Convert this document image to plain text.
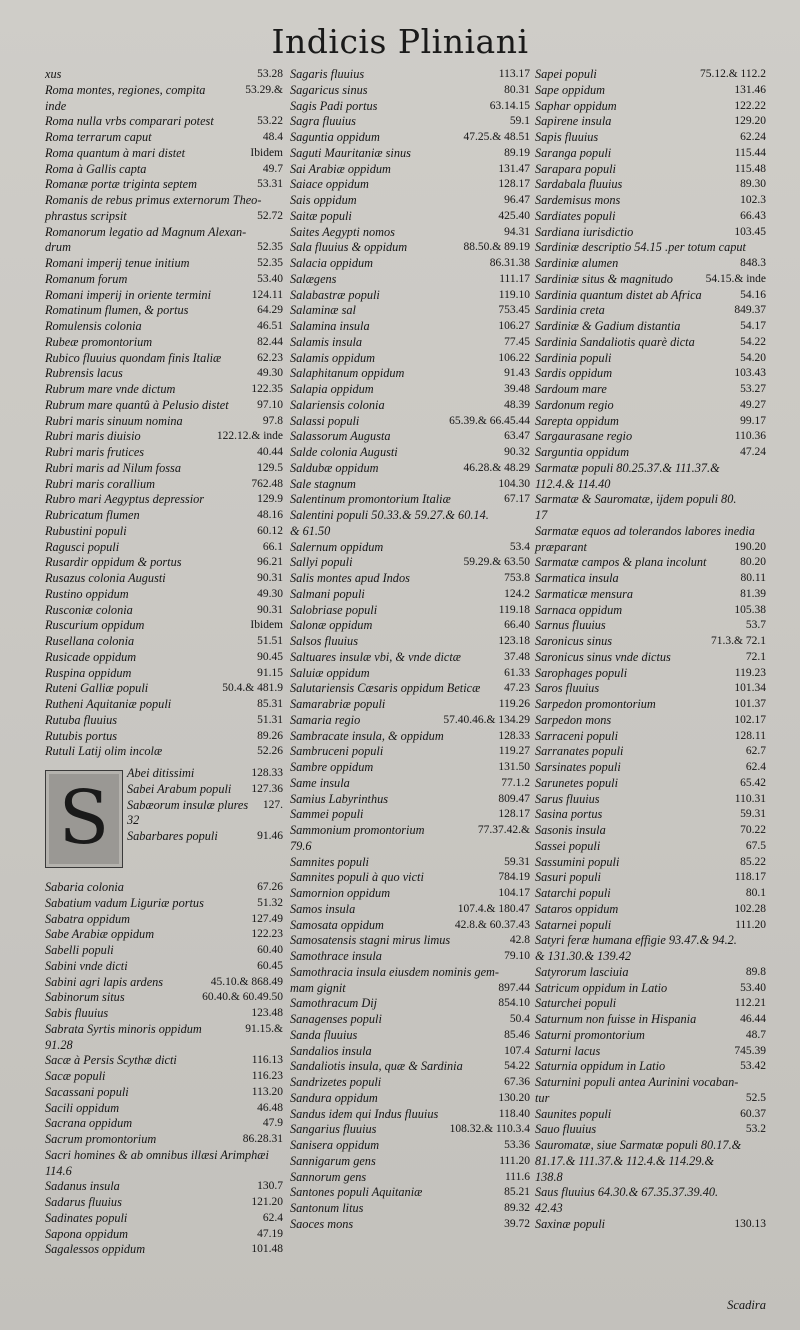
Indicis Pliniani
xus	53.28
Roma montes, regiones, compita	53.29.&
inde
Roma nulla vrbs comparari potest	53.22
Roma terrarum caput	48.4
Roma quantum à mari distet	Ibidem
Roma à Gallis capta	49.7
Romanæ portæ triginta septem	53.31
Romanis de rebus primus externorum Theo-
phrastus scripsit	52.72
Romanorum legatio ad Magnum Alexan-
drum	52.35
Romani imperij tenue initium	52.35
Romanum forum	53.40
Romani imperij in oriente termini	124.11
Romatinum flumen, & portus	64.29
Romulensis colonia	46.51
Rubeæ promontorium	82.44
Rubico fluuius quondam finis Italiæ	62.23
Rubrensis lacus	49.30
Rubrum mare vnde dictum	122.35
Rubrum mare quantû à Pelusio distet	97.10
Rubri maris sinuum nomina	97.8
Rubri maris diuisio	122.12.& inde
Rubri maris frutices	40.44
Rubri maris ad Nilum fossa	129.5
Rubri maris corallium	762.48
Rubro mari Aegyptus depressior	129.9
Rubricatum flumen	48.16
Rubustini populi	60.12
Ragusci populi	66.1
Rusardir oppidum & portus	96.21
Rusazus colonia Augusti	90.31
Rustino oppidum	49.30
Rusconiæ colonia	90.31
Ruscurium oppidum	Ibidem
Rusellana colonia	51.51
Rusicade oppidum	90.45
Ruspina oppidum	91.15
Ruteni Galliæ populi	50.4.& 481.9
Rutheni Aquitaniæ populi	85.31
Rutuba fluuius	51.31
Rutubis portus	89.26
Rutuli Latij olim incolæ	52.26
S
Abei ditissimi	128.33
Sabei Arabum populi	127.36
Sabæorum insulæ plures	127.
32
Sabarbares populi	91.46
Sabaria colonia	67.26
Sabatium vadum Liguriæ portus	51.32
Sabatra oppidum	127.49
Sabe Arabiæ oppidum	122.23
Sabelli populi	60.40
Sabini vnde dicti	60.45
Sabini agri lapis ardens	45.10.& 868.49
Sabinorum situs	60.40.& 60.49.50
Sabis fluuius	123.48
Sabrata Syrtis minoris oppidum	91.15.&
91.28
Sacæ à Persis Scythæ dicti	116.13
Sacæ populi	116.23
Sacassani populi	113.20
Sacili oppidum	46.48
Sacrana oppidum	47.9
Sacrum promontorium	86.28.31
Sacri homines & ab omnibus illæsi Arimphæi
114.6
Sadanus insula	130.7
Sadarus fluuius	121.20
Sadinates populi	62.4
Sapona oppidum	47.19
Sagalessos oppidum	101.48
Sagaris fluuius	113.17
Sagaricus sinus	80.31
Sagis Padi portus	63.14.15
Sagra fluuius	59.1
Saguntia oppidum	47.25.& 48.51
Saguti Mauritaniæ sinus	89.19
Sai Arabiæ oppidum	131.47
Saiace oppidum	128.17
Sais oppidum	96.47
Saitæ populi	425.40
Saites Aegypti nomos	94.31
Sala fluuius & oppidum	88.50.& 89.19
Salacia oppidum	86.31.38
Salægens	111.17
Salabastræ populi	119.10
Salaminæ sal	753.45
Salamina insula	106.27
Salamis insula	77.45
Salamis oppidum	106.22
Salaphitanum oppidum	91.43
Salapia oppidum	39.48
Salariensis colonia	48.39
Salassi populi	65.39.& 66.45.44
Salassorum Augusta	63.47
Salde colonia Augusti	90.32
Saldubæ oppidum	46.28.& 48.29
Sale stagnum	104.30
Salentinum promontorium Italiæ	67.17
Salentini populi 50.33.& 59.27.& 60.14.
& 61.50
Salernum oppidum	53.4
Sallyi populi	59.29.& 63.50
Salis montes apud Indos	753.8
Salmani populi	124.2
Salobriase populi	119.18
Salonæ oppidum	66.40
Salsos fluuius	123.18
Saltuares insulæ vbi, & vnde dictæ	37.48
Saluiæ oppidum	61.33
Salutariensis Cæsaris oppidum Beticæ	47.23
Samarabriæ populi	119.26
Samaria regio	57.40.46.& 134.29
Sambracate insula, & oppidum	128.33
Sambruceni populi	119.27
Sambre oppidum	131.50
Same insula	77.1.2
Samius Labyrinthus	809.47
Sammei populi	128.17
Sammonium promontorium	77.37.42.&
79.6
Samnites populi	59.31
Samnites populi à quo victi	784.19
Samornion oppidum	104.17
Samos insula	107.4.& 180.47
Samosata oppidum	42.8.& 60.37.43
Samosatensis stagni mirus limus	42.8
Samothrace insula	79.10
Samothracia insula eiusdem nominis gem-
mam gignit	897.44
Samothracum Dij	854.10
Sanagenses populi	50.4
Sanda fluuius	85.46
Sandalios insula	107.4
Sandaliotis insula, quæ & Sardinia	54.22
Sandrizetes populi	67.36
Sandura oppidum	130.20
Sandus idem qui Indus fluuius	118.40
Sangarius fluuius	108.32.& 110.3.4
Sanisera oppidum	53.36
Sannigarum gens	111.20
Sannorum gens	111.6
Santones populi Aquitaniæ	85.21
Santonum litus	89.32
Saoces mons	39.72
Sapei populi	75.12.& 112.2
Sape oppidum	131.46
Saphar oppidum	122.22
Sapirene insula	129.20
Sapis fluuius	62.24
Saranga populi	115.44
Sarapara populi	115.48
Sardabala fluuius	89.30
Sardemisus mons	102.3
Sardiates populi	66.43
Sardiana iurisdictio	103.45
Sardiniæ descriptio 54.15 .per totum caput
Sardiniæ alumen	848.3
Sardiniæ situs & magnitudo	54.15.& inde
Sardinia quantum distet ab Africa	54.16
Sardinia creta	849.37
Sardiniæ & Gadium distantia	54.17
Sardinia Sandaliotis quarè dicta	54.22
Sardinia populi	54.20
Sardis oppidum	103.43
Sardoum mare	53.27
Sardonum regio	49.27
Sarepta oppidum	99.17
Sargaurasane regio	110.36
Sarguntia oppidum	47.24
Sarmatæ populi 80.25.37.& 111.37.&
112.4.& 114.40
Sarmatæ & Sauromatæ, ijdem populi 80.
17
Sarmatæ equos ad tolerandos labores inedia
præparant	190.20
Sarmatæ campos & plana incolunt	80.20
Sarmatica insula	80.11
Sarmaticæ mensura	81.39
Sarnaca oppidum	105.38
Sarnus fluuius	53.7
Saronicus sinus	71.3.& 72.1
Saronicus sinus vnde dictus	72.1
Sarophages populi	119.23
Saros fluuius	101.34
Sarpedon promontorium	101.37
Sarpedon mons	102.17
Sarraceni populi	128.11
Sarranates populi	62.7
Sarsinates populi	62.4
Sarunetes populi	65.42
Sarus fluuius	110.31
Sasina portus	59.31
Sasonis insula	70.22
Sassei populi	67.5
Sassumini populi	85.22
Sasuri populi	118.17
Satarchi populi	80.1
Sataros oppidum	102.28
Satarnei populi	111.20
Satyri feræ humana effigie 93.47.& 94.2.
& 131.30.& 139.42
Satyrorum lasciuia	89.8
Satricum oppidum in Latio	53.40
Saturchei populi	112.21
Saturnum non fuisse in Hispania	46.44
Saturni promontorium	48.7
Saturni lacus	745.39
Saturnia oppidum in Latio	53.42
Saturnini populi antea Aurinini vocaban-
tur	52.5
Saunites populi	60.37
Sauo fluuius	53.2
Sauromatæ, siue Sarmatæ populi 80.17.&
81.17.& 111.37.& 112.4.& 114.29.&
138.8
Saus fluuius 64.30.& 67.35.37.39.40.
42.43
Saxinæ populi	130.13
Scadira
